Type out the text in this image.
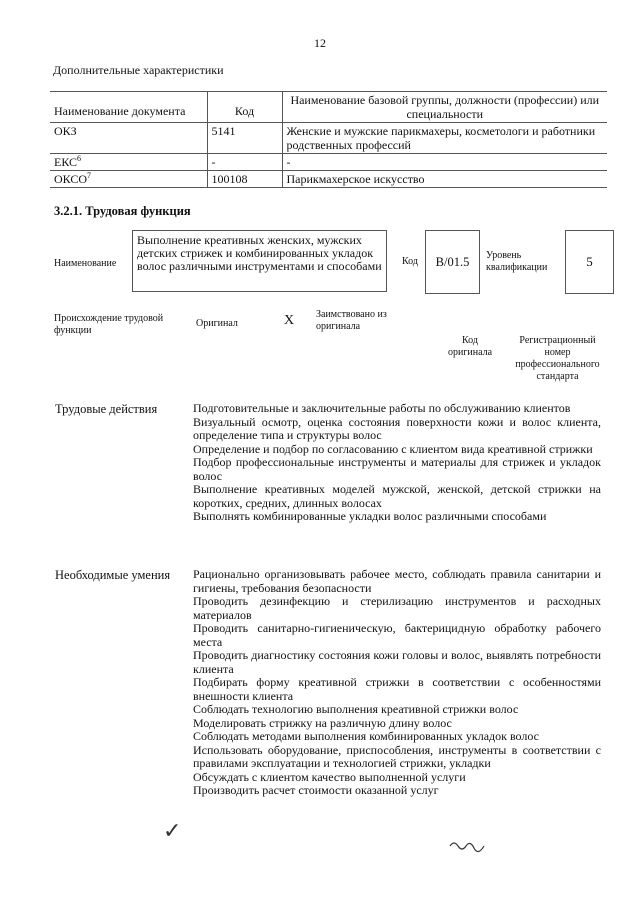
12
Дополнительные характеристики
Наименование документа	Код	Наименование базовой группы, должности (профессии) или специальности
ОКЗ	5141	Женские и мужские парикмахеры, косметологи и работники родственных профессий
ЕКС$^6$	-	-
ОКСО$^7$	100108	Парикмахерское искусство
3.2.1. Трудовая функция
Наименование
Выполнение креативных женских, мужских детских стрижек и комбинированных укладок волос различными инструментами и способами	Код	B/01.5	Уровень квалификации	5
Происхождение трудовой функции
Оригинал	X Заимствовано из оригинала
Код оригинала
Регистрационный номер профессионального стандарта
Трудовые действия	Подготовительные и заключительные работы по обслуживанию клиентов

Визуальный осмотр, оценка состояния поверхности кожи и волос клиента, определение типа и структуры волос

Определение и подбор по согласованию с клиентом вида креативной стрижки

Подбор профессиональные инструменты и материалы для стрижек и укладок волос

Выполнение креативных моделей мужской, женской, детской стрижки на коротких, средних, длинных волосах

Выполнять комбинированные укладки волос различными способами

Необходимые умения Рационально организовывать рабочее место, соблюдать правила санитарии и гигиены, требования безопасности

Проводить дезинфекцию и стерилизацию инструментов и расходных материалов

Проводить санитарно-гигиеническую, бактерицидную обработку рабочего места

Проводить диагностику состояния кожи головы и волос, выявлять потребности клиента

Подбирать форму креативной стрижки в соответствии с особенностями внешности клиента

Соблюдать технологию выполнения креативной стрижки волос

Моделировать стрижку на различную длину волос

Соблюдать методами выполнения комбинированных укладок волос

Использовать оборудование, приспособления, инструменты в соответствии с правилами эксплуатации и технологией стрижки, укладки

Обсуждать с клиентом качество выполненной услуги

Производить расчет стоимости оказанной услуг

✓
